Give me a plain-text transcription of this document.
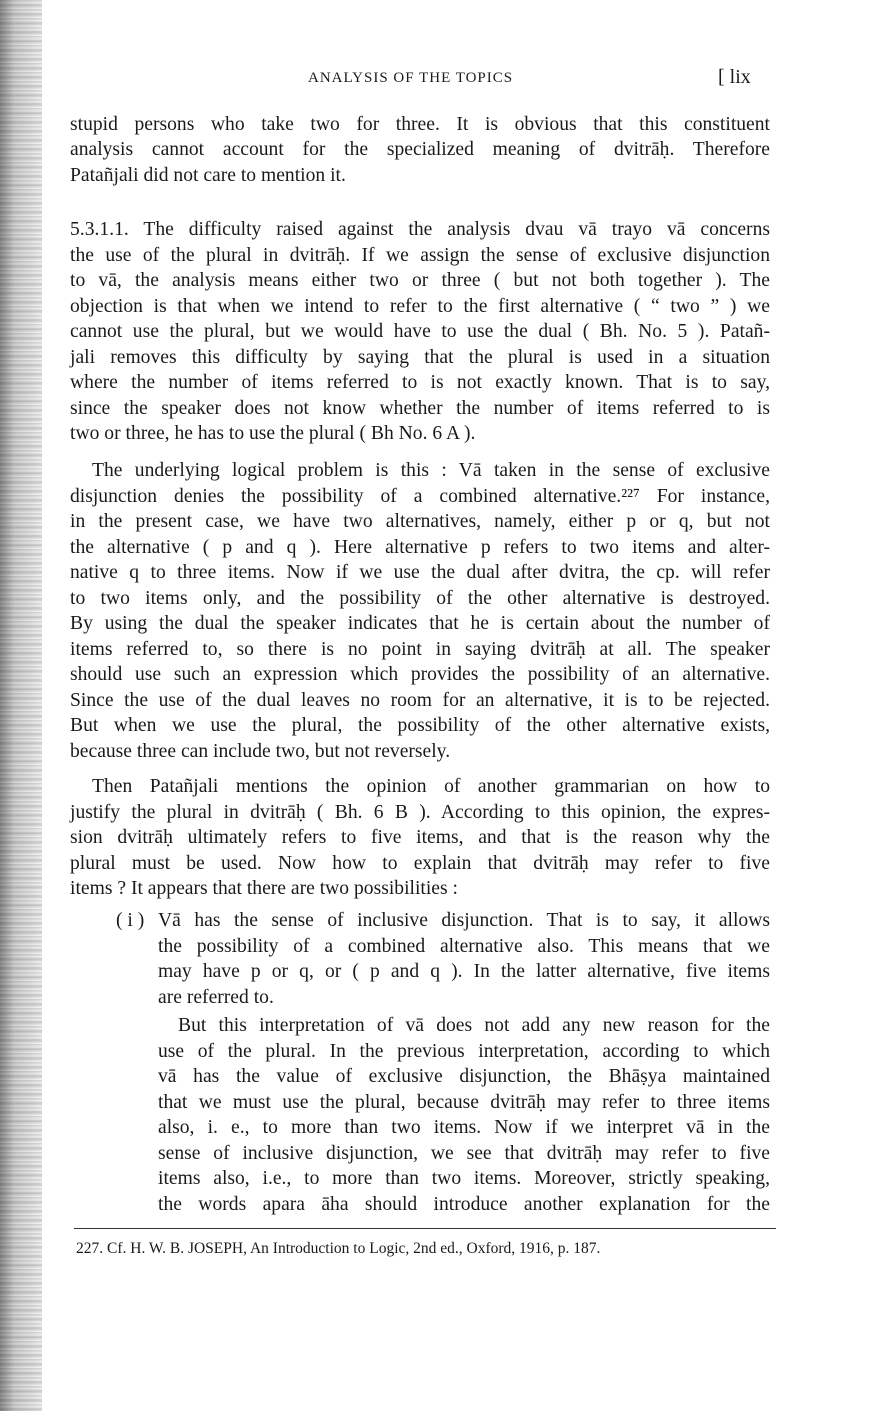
ANALYSIS OF THE TOPICS	[ lix
stupid persons who take two for three. It is obvious that this constituent
analysis cannot account for the specialized meaning of dvitrāḥ. Therefore
Patañjali did not care to mention it.
5.3.1.1. The difficulty raised against the analysis dvau vā trayo vā concerns
the use of the plural in dvitrāḥ. If we assign the sense of exclusive disjunction
to vā, the analysis means either two or three ( but not both together ). The
objection is that when we intend to refer to the first alternative ( “ two ” ) we
cannot use the plural, but we would have to use the dual ( Bh. No. 5 ). Patañ-
jali removes this difficulty by saying that the plural is used in a situation
where the number of items referred to is not exactly known. That is to say,
since the speaker does not know whether the number of items referred to is
two or three, he has to use the plural ( Bh No. 6 A ).
The underlying logical problem is this : Vā taken in the sense of exclusive
disjunction denies the possibility of a combined alternative.²²⁷ For instance,
in the present case, we have two alternatives, namely, either p or q, but not
the alternative ( p and q ). Here alternative p refers to two items and alter-
native q to three items. Now if we use the dual after dvitra, the cp. will refer
to two items only, and the possibility of the other alternative is destroyed.
By using the dual the speaker indicates that he is certain about the number of
items referred to, so there is no point in saying dvitrāḥ at all. The speaker
should use such an expression which provides the possibility of an alternative.
Since the use of the dual leaves no room for an alternative, it is to be rejected.
But when we use the plural, the possibility of the other alternative exists,
because three can include two, but not reversely.
Then Patañjali mentions the opinion of another grammarian on how to
justify the plural in dvitrāḥ ( Bh. 6 B ). According to this opinion, the expres-
sion dvitrāḥ ultimately refers to five items, and that is the reason why the
plural must be used. Now how to explain that dvitrāḥ may refer to five
items ? It appears that there are two possibilities :
( i ) Vā has the sense of inclusive disjunction. That is to say, it allows
the possibility of a combined alternative also. This means that we
may have p or q, or ( p and q ). In the latter alternative, five items
are referred to.
But this interpretation of vā does not add any new reason for the
use of the plural. In the previous interpretation, according to which
vā has the value of exclusive disjunction, the Bhāṣya maintained
that we must use the plural, because dvitrāḥ may refer to three items
also, i. e., to more than two items. Now if we interpret vā in the
sense of inclusive disjunction, we see that dvitrāḥ may refer to five
items also, i.e., to more than two items. Moreover, strictly speaking,
the words apara āha should introduce another explanation for the
227. Cf. H. W. B. JOSEPH, An Introduction to Logic, 2nd ed., Oxford, 1916, p. 187.
